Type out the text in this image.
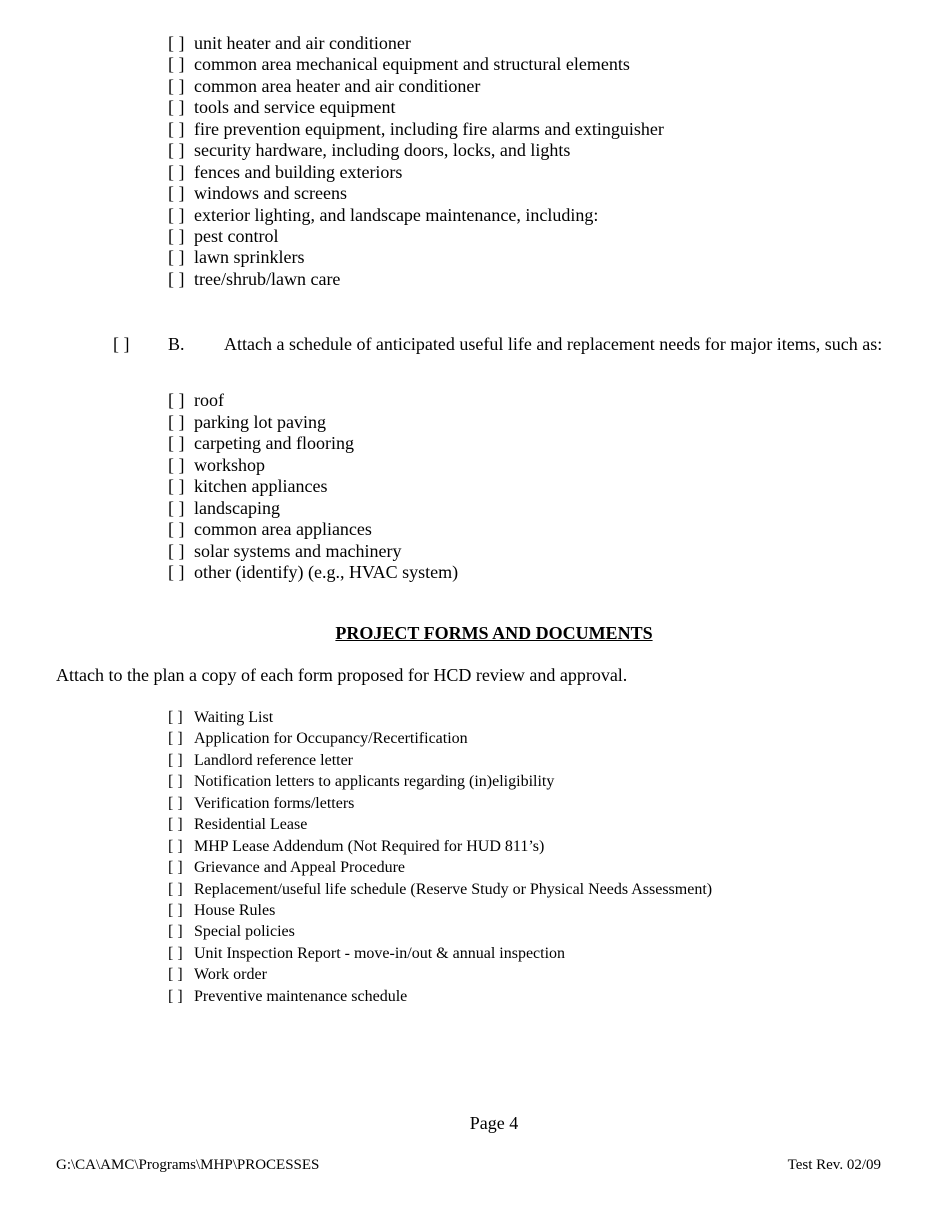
[ ] unit heater and air conditioner
[ ] common area mechanical equipment and structural elements
[ ] common area heater and air conditioner
[ ] tools and service equipment
[ ] fire prevention equipment, including fire alarms and extinguisher
[ ] security hardware, including doors, locks, and lights
[ ] fences and building exteriors
[ ] windows and screens
[ ] exterior lighting, and landscape maintenance, including:
[ ] pest control
[ ] lawn sprinklers
[ ] tree/shrub/lawn care
[ ] B. Attach a schedule of anticipated useful life and replacement needs for major items, such as:
[ ] roof
[ ] parking lot paving
[ ] carpeting and flooring
[ ] workshop
[ ] kitchen appliances
[ ] landscaping
[ ] common area appliances
[ ] solar systems and machinery
[ ] other (identify) (e.g., HVAC system)
PROJECT FORMS AND DOCUMENTS
Attach to the plan a copy of each form proposed for HCD review and approval.
[ ] Waiting List
[ ] Application for Occupancy/Recertification
[ ] Landlord reference letter
[ ] Notification letters to applicants regarding (in)eligibility
[ ] Verification forms/letters
[ ] Residential Lease
[ ] MHP Lease Addendum (Not Required for HUD 811’s)
[ ] Grievance and Appeal Procedure
[ ] Replacement/useful life schedule (Reserve Study or Physical Needs Assessment)
[ ] House Rules
[ ] Special policies
[ ] Unit Inspection Report - move-in/out & annual inspection
[ ] Work order
[ ] Preventive maintenance schedule
Page 4
G:\CA\AMC\Programs\MHP\PROCESSES	Test Rev. 02/09
